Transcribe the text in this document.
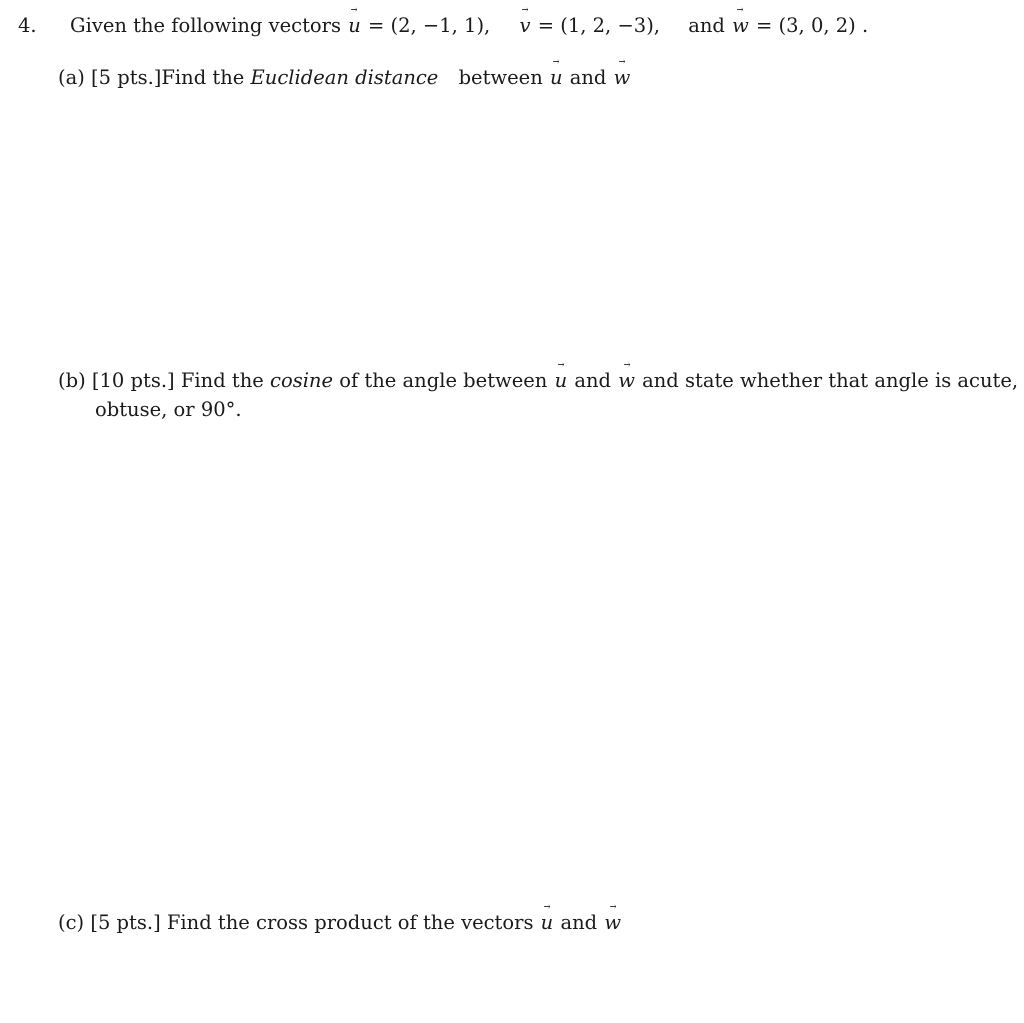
4. Given the following vectors → u = (2, −1, 1), → v = (1, 2, −3), and → w = (3, 0, 2) .
(a) [5 pts.]Find the Euclidean distance between → u and → w
(b) [10 pts.] Find the cosine of the angle between → u and → w and state whether that angle is acute,
obtuse, or 90°.
(c) [5 pts.] Find the cross product of the vectors → u and → w
